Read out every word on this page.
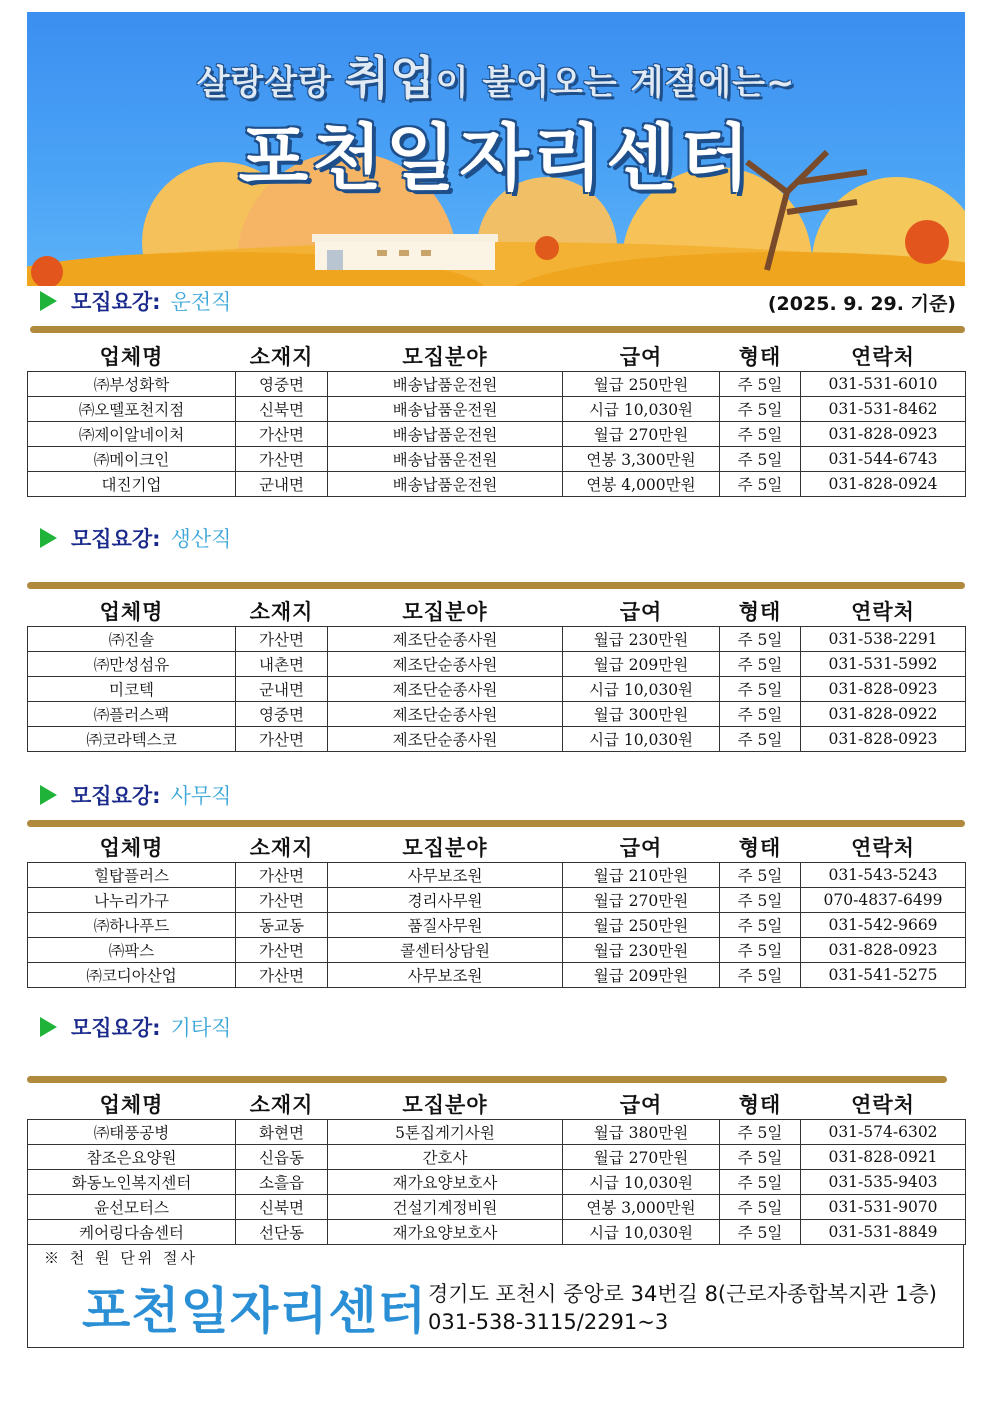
살랑살랑 취업이 불어오는 계절에는~
포천일자리센터
모집요강: 운전직	(2025. 9. 29. 기준)
업체명	소재지	모집분야	급여	형태	연락처
㈜부성화학	영중면	배송납품운전원	월급 250만원	주 5일	031-531-6010
㈜오뗄포천지점	신북면	배송납품운전원	시급 10,030원	주 5일	031-531-8462
㈜제이알네이처	가산면	배송납품운전원	월급 270만원	주 5일	031-828-0923
㈜메이크인	가산면	배송납품운전원	연봉 3,300만원	주 5일	031-544-6743
대진기업	군내면	배송납품운전원	연봉 4,000만원	주 5일	031-828-0924
모집요강: 생산직
업체명	소재지	모집분야	급여	형태	연락처
㈜진솔	가산면	제조단순종사원	월급 230만원	주 5일	031-538-2291
㈜만성섬유	내촌면	제조단순종사원	월급 209만원	주 5일	031-531-5992
미코텍	군내면	제조단순종사원	시급 10,030원	주 5일	031-828-0923
㈜플러스팩	영중면	제조단순종사원	월급 300만원	주 5일	031-828-0922
㈜코라텍스코	가산면	제조단순종사원	시급 10,030원	주 5일	031-828-0923
모집요강: 사무직
업체명	소재지	모집분야	급여	형태	연락처
힐탑플러스	가산면	사무보조원	월급 210만원	주 5일	031-543-5243
나누리가구	가산면	경리사무원	월급 270만원	주 5일	070-4837-6499
㈜하나푸드	동교동	품질사무원	월급 250만원	주 5일	031-542-9669
㈜팍스	가산면	콜센터상담원	월급 230만원	주 5일	031-828-0923
㈜코디아산업	가산면	사무보조원	월급 209만원	주 5일	031-541-5275
모집요강: 기타직
업체명	소재지	모집분야	급여	형태	연락처
㈜태풍공병	화현면	5톤집게기사원	월급 380만원	주 5일	031-574-6302
참조은요양원	신읍동	간호사	월급 270만원	주 5일	031-828-0921
화동노인복지센터	소흘읍	재가요양보호사	시급 10,030원	주 5일	031-535-9403
윤선모터스	신북면	건설기계정비원	연봉 3,000만원	주 5일	031-531-9070
케어링다솜센터	선단동	재가요양보호사	시급 10,030원	주 5일	031-531-8849
※ 천 원 단위 절사
포천일자리센터 경기도 포천시 중앙로 34번길 8(근로자종합복지관 1층)
031-538-3115/2291~3
